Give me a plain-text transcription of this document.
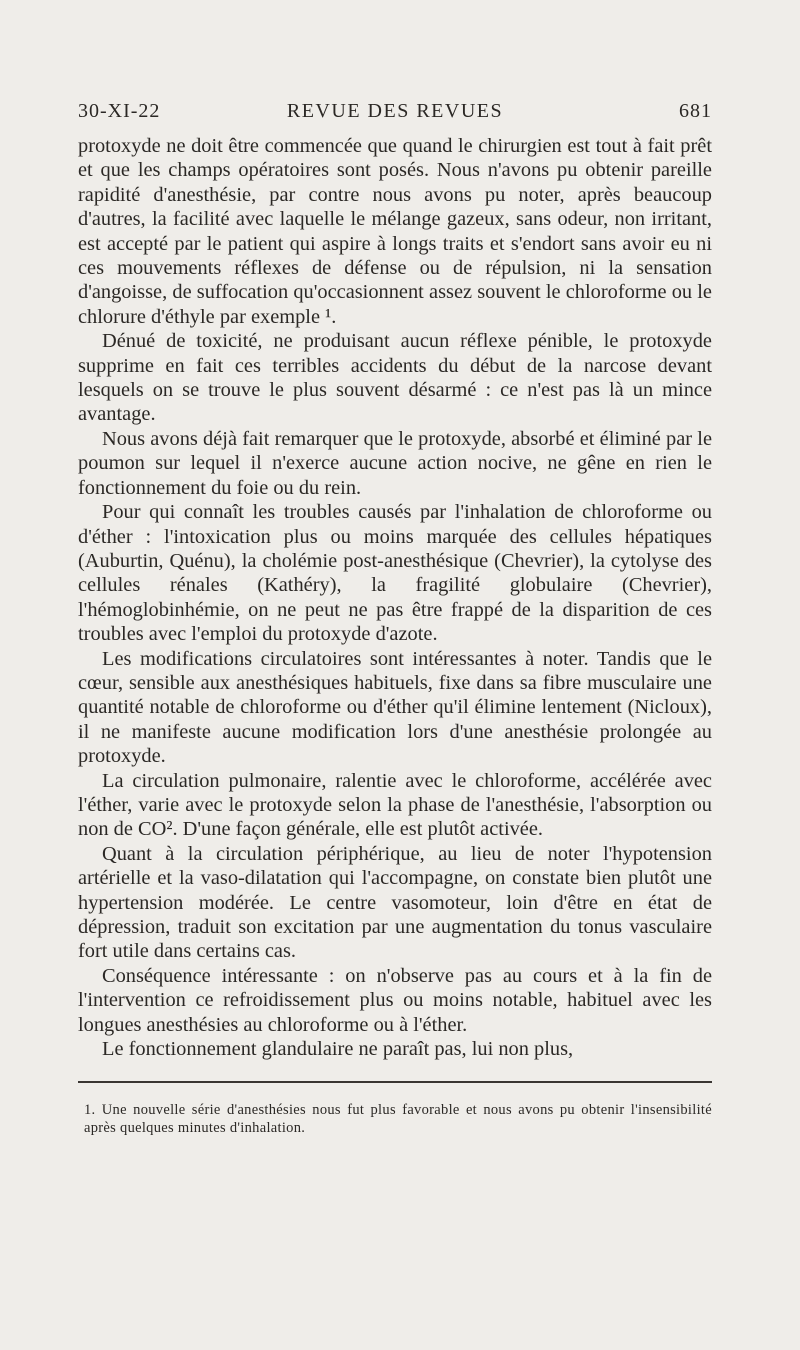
30-XI-22	REVUE DES REVUES	681

protoxyde ne doit être commencée que quand le chirurgien est tout à fait prêt et que les champs opératoires sont posés. Nous n'avons pu obtenir pareille rapidité d'anesthésie, par contre nous avons pu noter, après beaucoup d'autres, la facilité avec laquelle le mélange gazeux, sans odeur, non irritant, est accepté par le patient qui aspire à longs traits et s'endort sans avoir eu ni ces mouvements réflexes de défense ou de répulsion, ni la sensation d'angoisse, de suffocation qu'occasionnent assez souvent le chloroforme ou le chlorure d'éthyle par exemple ¹.

Dénué de toxicité, ne produisant aucun réflexe pénible, le protoxyde supprime en fait ces terribles accidents du début de la narcose devant lesquels on se trouve le plus souvent désarmé : ce n'est pas là un mince avantage.

Nous avons déjà fait remarquer que le protoxyde, absorbé et éliminé par le poumon sur lequel il n'exerce aucune action nocive, ne gêne en rien le fonctionnement du foie ou du rein.

Pour qui connaît les troubles causés par l'inhalation de chloroforme ou d'éther : l'intoxication plus ou moins marquée des cellules hépatiques (Auburtin, Quénu), la cholémie post-anesthésique (Chevrier), la cytolyse des cellules rénales (Kathéry), la fragilité globulaire (Chevrier), l'hémoglobinhémie, on ne peut ne pas être frappé de la disparition de ces troubles avec l'emploi du protoxyde d'azote.

Les modifications circulatoires sont intéressantes à noter. Tandis que le cœur, sensible aux anesthésiques habituels, fixe dans sa fibre musculaire une quantité notable de chloroforme ou d'éther qu'il élimine lentement (Nicloux), il ne manifeste aucune modification lors d'une anesthésie prolongée au protoxyde.

La circulation pulmonaire, ralentie avec le chloroforme, accélérée avec l'éther, varie avec le protoxyde selon la phase de l'anesthésie, l'absorption ou non de CO². D'une façon générale, elle est plutôt activée.

Quant à la circulation périphérique, au lieu de noter l'hypotension artérielle et la vaso-dilatation qui l'accompagne, on constate bien plutôt une hypertension modérée. Le centre vasomoteur, loin d'être en état de dépression, traduit son excitation par une augmentation du tonus vasculaire fort utile dans certains cas.

Conséquence intéressante : on n'observe pas au cours et à la fin de l'intervention ce refroidissement plus ou moins notable, habituel avec les longues anesthésies au chloroforme ou à l'éther.

Le fonctionnement glandulaire ne paraît pas, lui non plus,

1. Une nouvelle série d'anesthésies nous fut plus favorable et nous avons pu obtenir l'insensibilité après quelques minutes d'inhalation.
